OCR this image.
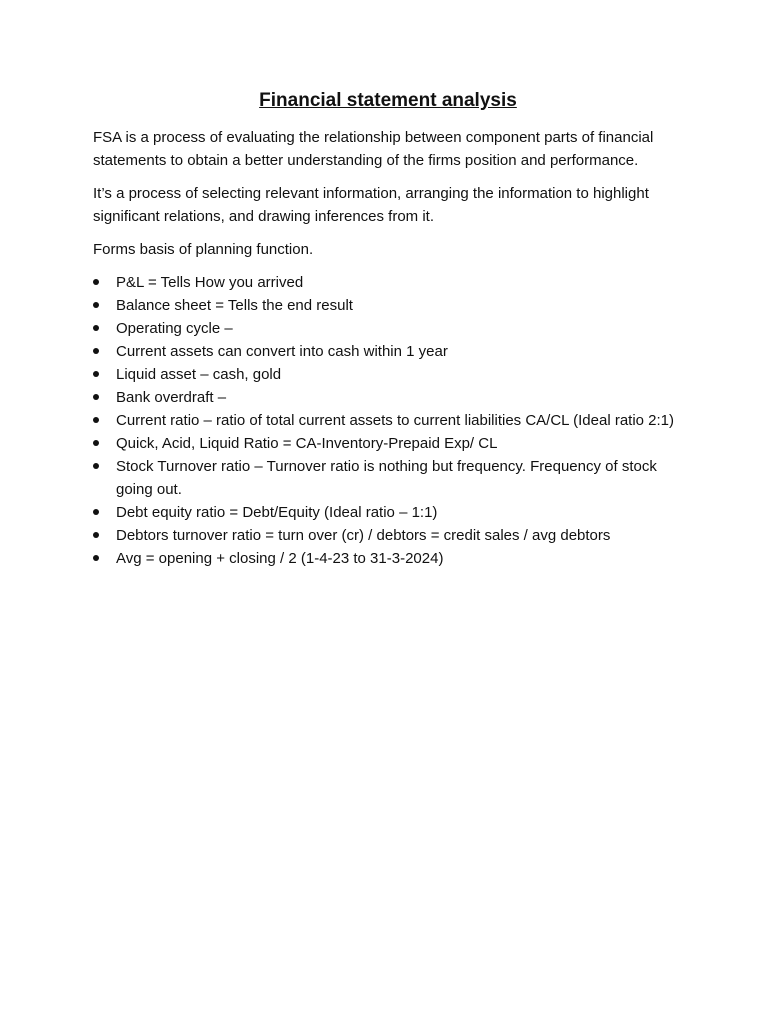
Financial statement analysis

FSA is a process of evaluating the relationship between component parts of financial statements to obtain a better understanding of the firms position and performance.

It’s a process of selecting relevant information, arranging the information to highlight significant relations, and drawing inferences from it.

Forms basis of planning function.

P&L = Tells How you arrived
Balance sheet = Tells the end result
Operating cycle –
Current assets can convert into cash within 1 year
Liquid asset – cash, gold
Bank overdraft –
Current ratio – ratio of total current assets to current liabilities CA/CL (Ideal ratio 2:1)
Quick, Acid, Liquid Ratio = CA-Inventory-Prepaid Exp/ CL
Stock Turnover ratio – Turnover ratio is nothing but frequency. Frequency of stock going out.
Debt equity ratio = Debt/Equity (Ideal ratio – 1:1)
Debtors turnover ratio = turn over (cr) / debtors = credit sales / avg debtors
Avg = opening + closing / 2 (1-4-23 to 31-3-2024)
